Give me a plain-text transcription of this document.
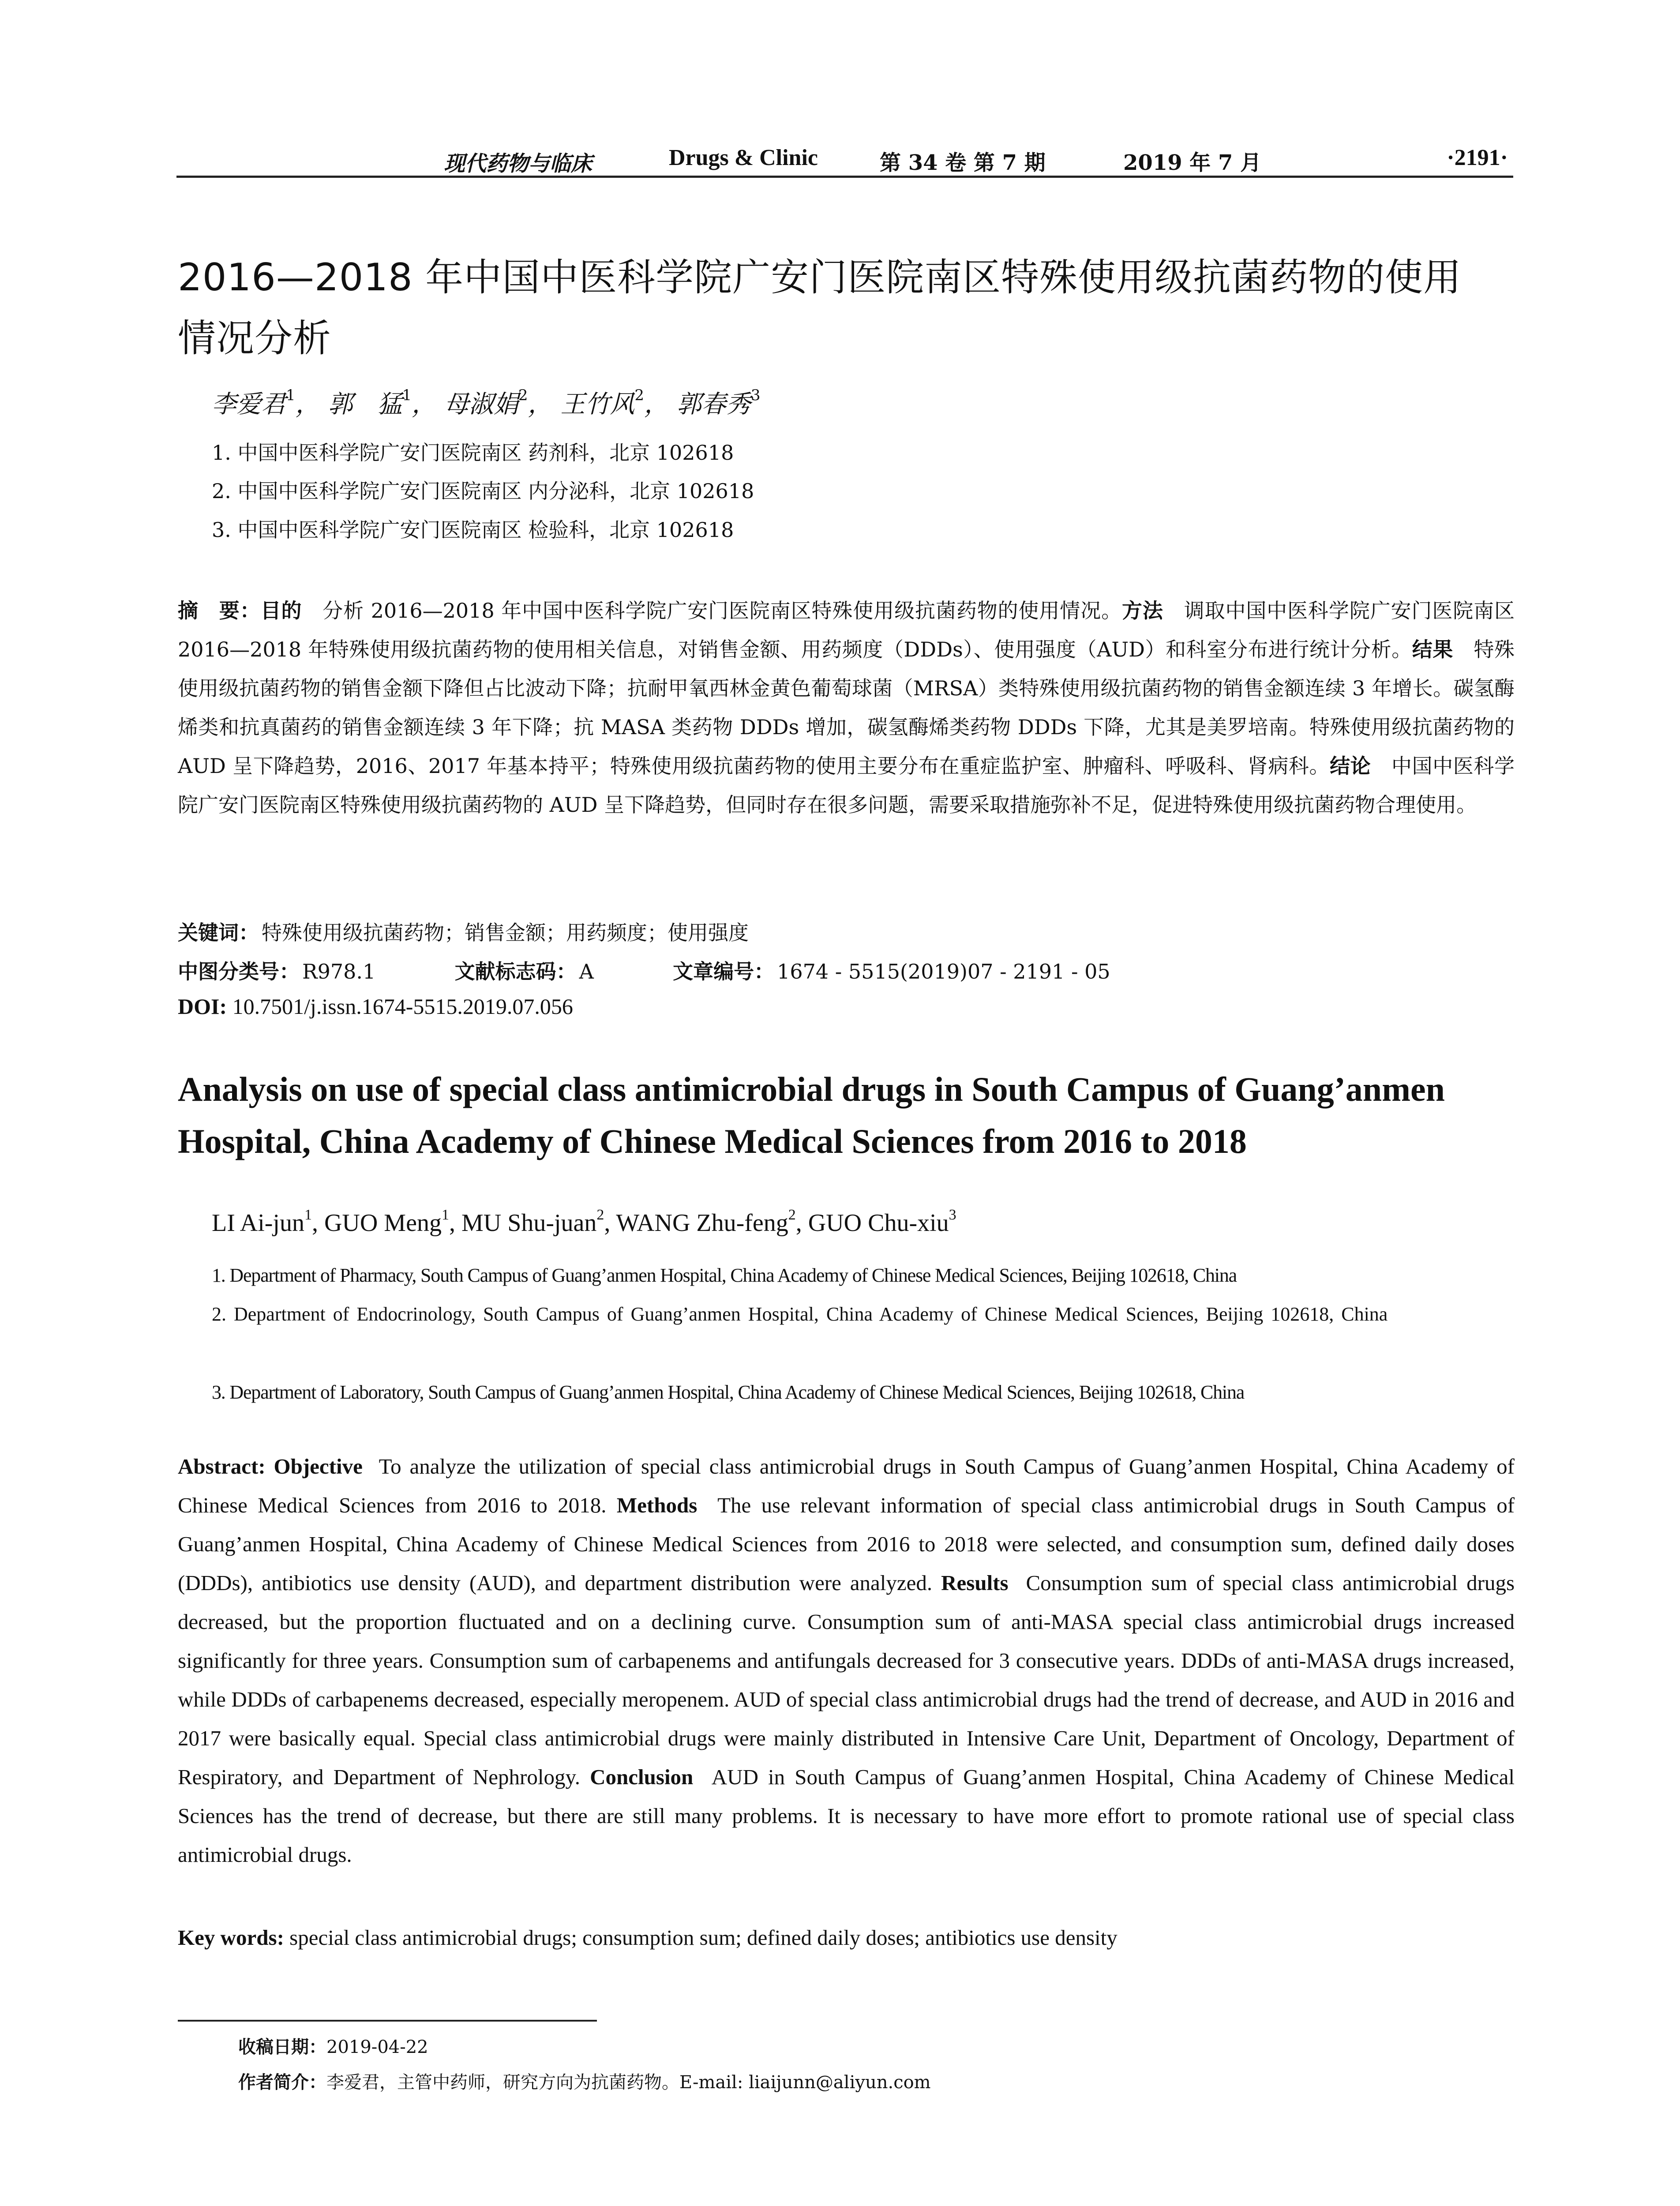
现代药物与临床	Drugs & Clinic	第 34 卷 第 7 期	2019 年 7 月	·2191·
2016—2018 年中国中医科学院广安门医院南区特殊使用级抗菌药物的使用
情况分析
李爱君$^1$， 郭　猛$^1$， 母淑娟$^2$， 王竹风$^2$， 郭春秀$^3$
1. 中国中医科学院广安门医院南区 药剂科，北京 102618
2. 中国中医科学院广安门医院南区 内分泌科，北京 102618
3. 中国中医科学院广安门医院南区 检验科，北京 102618
摘　要：目的　 分析 2016—2018 年中国中医科学院广安门医院南区特殊使用级抗菌药物的使用情况。方法　 调取中国中医科学院广安门医院南区 2016—2018 年特殊使用级抗菌药物的使用相关信息，对销售金额、用药频度（DDDs）、使用强度（AUD）和科室分布进行统计分析。结果　 特殊使用级抗菌药物的销售金额下降但占比波动下降；抗耐甲氧西林金黄色葡萄球菌（MRSA）类特殊使用级抗菌药物的销售金额连续 3 年增长。碳氢酶烯类和抗真菌药的销售金额连续 3 年下降；抗 MASA 类药物 DDDs 增加，碳氢酶烯类药物 DDDs 下降，尤其是美罗培南。特殊使用级抗菌药物的 AUD 呈下降趋势，2016、2017 年基本持平；特殊使用级抗菌药物的使用主要分布在重症监护室、肿瘤科、呼吸科、肾病科。结论　 中国中医科学院广安门医院南区特殊使用级抗菌药物的 AUD 呈下降趋势，但同时存在很多问题，需要采取措施弥补不足，促进特殊使用级抗菌药物合理使用。
关键词： 特殊使用级抗菌药物；销售金额；用药频度；使用强度
中图分类号： R978.1	文献标志码： A	文章编号： 1674 - 5515(2019)07 - 2191 - 05
DOI: 10.7501/j.issn.1674-5515.2019.07.056
Analysis on use of special class antimicrobial drugs in South Campus of Guang’anmen
Hospital, China Academy of Chinese Medical Sciences from 2016 to 2018
LI Ai-jun$^1$, GUO Meng$^1$, MU Shu-juan$^2$, WANG Zhu-feng$^2$, GUO Chu-xiu$^3$
1. Department of Pharmacy, South Campus of Guang’anmen Hospital, China Academy of Chinese Medical Sciences, Beijing 102618, China
2. Department of Endocrinology, South Campus of Guang’anmen Hospital, China Academy of Chinese Medical Sciences, Beijing 102618, China
3. Department of Laboratory, South Campus of Guang’anmen Hospital, China Academy of Chinese Medical Sciences, Beijing 102618, China
Abstract: Objective To analyze the utilization of special class antimicrobial drugs in South Campus of Guang’anmen Hospital, China Academy of Chinese Medical Sciences from 2016 to 2018. Methods The use relevant information of special class antimicrobial drugs in South Campus of Guang’anmen Hospital, China Academy of Chinese Medical Sciences from 2016 to 2018 were selected, and consumption sum, defined daily doses (DDDs), antibiotics use density (AUD), and department distribution were analyzed. Results Consumption sum of special class antimicrobial drugs decreased, but the proportion fluctuated and on a declining curve. Consumption sum of anti-MASA special class antimicrobial drugs increased significantly for three years. Consumption sum of carbapenems and antifungals decreased for 3 consecutive years. DDDs of anti-MASA drugs increased, while DDDs of carbapenems decreased, especially meropenem. AUD of special class antimicrobial drugs had the trend of decrease, and AUD in 2016 and 2017 were basically equal. Special class antimicrobial drugs were mainly distributed in Intensive Care Unit, Department of Oncology, Department of Respiratory, and Department of Nephrology. Conclusion AUD in South Campus of Guang’anmen Hospital, China Academy of Chinese Medical Sciences has the trend of decrease, but there are still many problems. It is necessary to have more effort to promote rational use of special class antimicrobial drugs.
Key words: special class antimicrobial drugs; consumption sum; defined daily doses; antibiotics use density
收稿日期：2019-04-22
作者简介：李爱君，主管中药师，研究方向为抗菌药物。E-mail: liaijunn@aliyun.com
